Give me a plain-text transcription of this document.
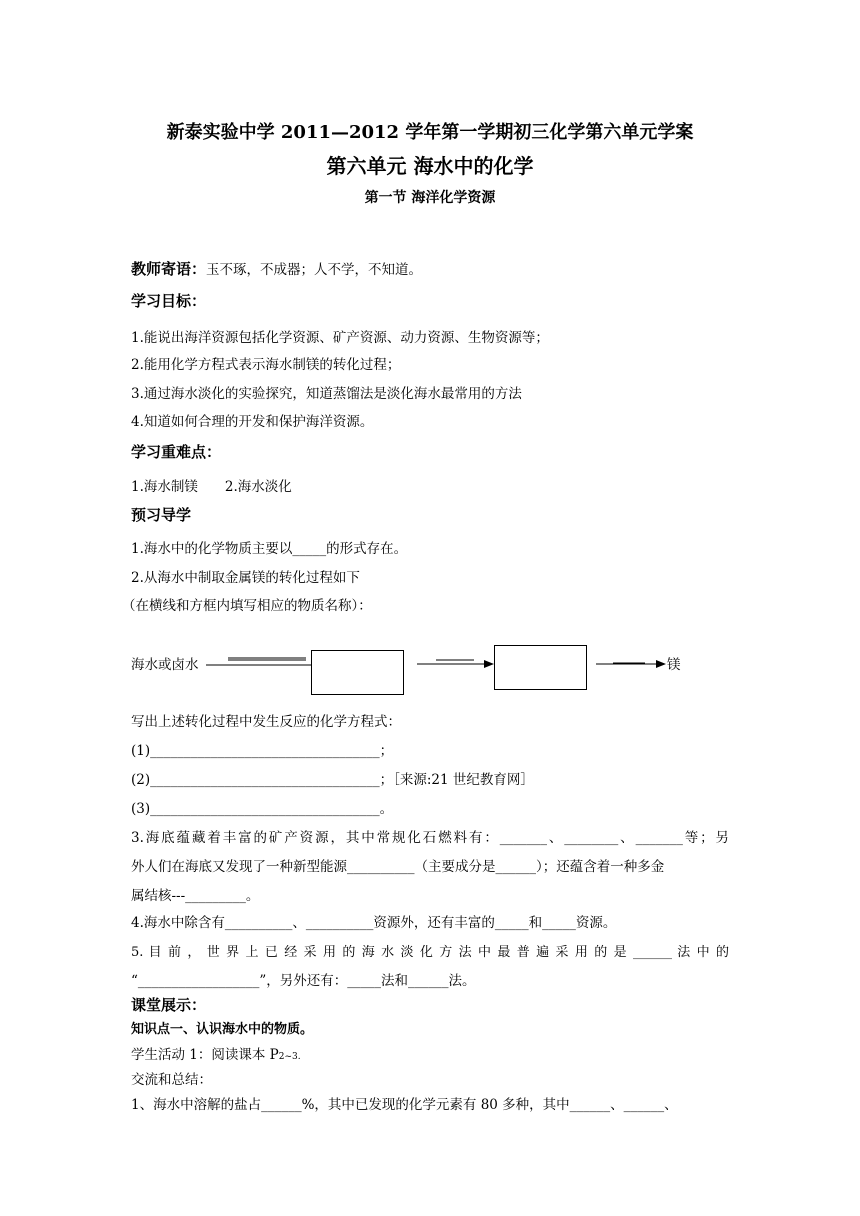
新泰实验中学 2011—2012 学年第一学期初三化学第六单元学案
第六单元 海水中的化学
第一节 海洋化学资源
教师寄语：玉不琢，不成器；人不学，不知道。
学习目标：
1.能说出海洋资源包括化学资源、矿产资源、动力资源、生物资源等；
2.能用化学方程式表示海水制镁的转化过程；
3.通过海水淡化的实验探究，知道蒸馏法是淡化海水最常用的方法
4.知道如何合理的开发和保护海洋资源。
学习重难点：
1.海水制镁　　2.海水淡化
预习导学
1.海水中的化学物质主要以_____的形式存在。
2.从海水中制取金属镁的转化过程如下
（在横线和方框内填写相应的物质名称）：
海水或卤水	镁
写出上述转化过程中发生反应的化学方程式：
(1)__________________________________；
(2)__________________________________；［来源:21 世纪教育网］
(3)__________________________________。
3.海底蕴藏着丰富的矿产资源，其中常规化石燃料有：_______、________、_______等；另
外人们在海底又发现了一种新型能源__________（主要成分是______）；还蕴含着一种多金
属结核---_________。
4.海水中除含有__________、__________资源外，还有丰富的_____和_____资源。
5. 目 前 ， 世 界 上 已 经 采 用 的 海 水 淡 化 方 法 中 最 普 遍 采 用 的 是 ______ 法 中 的
“__________________”，另外还有：_____法和______法。
课堂展示：
知识点一、认识海水中的物质。
学生活动 1：阅读课本 P2~3.
交流和总结：
1、海水中溶解的盐占______%，其中已发现的化学元素有 80 多种，其中______、______、
